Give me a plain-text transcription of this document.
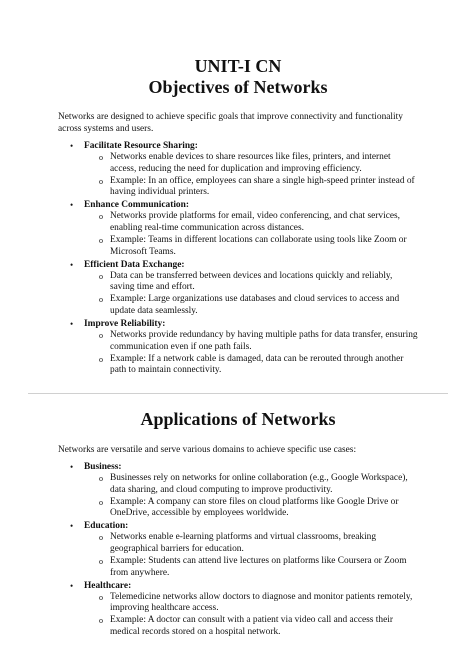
UNIT-I CN
Objectives of Networks

Networks are designed to achieve specific goals that improve connectivity and functionality across systems and users.

• Facilitate Resource Sharing:
o Networks enable devices to share resources like files, printers, and internet access, reducing the need for duplication and improving efficiency.
o Example: In an office, employees can share a single high-speed printer instead of having individual printers.
• Enhance Communication:
o Networks provide platforms for email, video conferencing, and chat services, enabling real-time communication across distances.
o Example: Teams in different locations can collaborate using tools like Zoom or Microsoft Teams.
• Efficient Data Exchange:
o Data can be transferred between devices and locations quickly and reliably, saving time and effort.
o Example: Large organizations use databases and cloud services to access and update data seamlessly.
• Improve Reliability:
o Networks provide redundancy by having multiple paths for data transfer, ensuring communication even if one path fails.
o Example: If a network cable is damaged, data can be rerouted through another path to maintain connectivity.
Applications of Networks

Networks are versatile and serve various domains to achieve specific use cases:

• Business:
o Businesses rely on networks for online collaboration (e.g., Google Workspace), data sharing, and cloud computing to improve productivity.
o Example: A company can store files on cloud platforms like Google Drive or OneDrive, accessible by employees worldwide.
• Education:
o Networks enable e-learning platforms and virtual classrooms, breaking geographical barriers for education.
o Example: Students can attend live lectures on platforms like Coursera or Zoom from anywhere.
• Healthcare:
o Telemedicine networks allow doctors to diagnose and monitor patients remotely, improving healthcare access.
o Example: A doctor can consult with a patient via video call and access their medical records stored on a hospital network.
